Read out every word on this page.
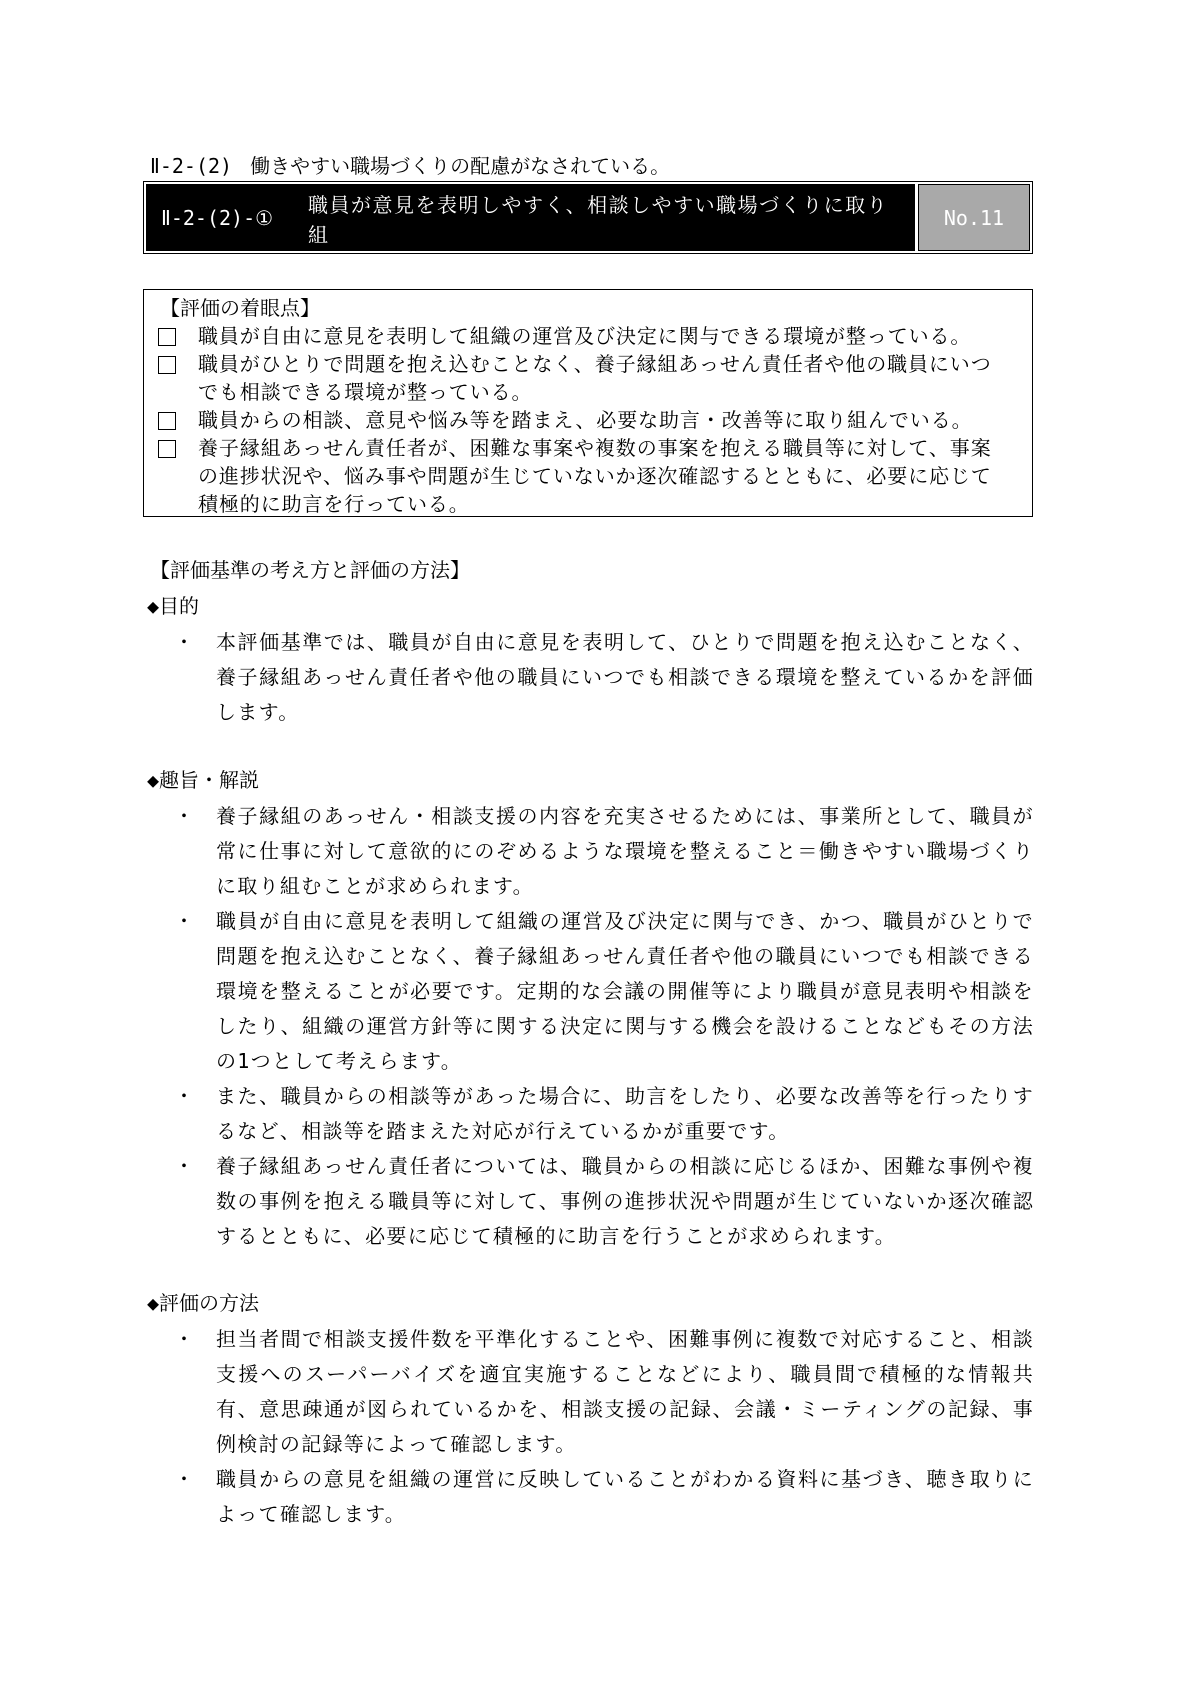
Ⅱ-2-(2) 働きやすい職場づくりの配慮がなされている。
Ⅱ-2-(2)-①
職員が意見を表明しやすく、相談しやすい職場づくりに取り組
んでいる。
No.11
【評価の着眼点】
職員が自由に意見を表明して組織の運営及び決定に関与できる環境が整っている。
職員がひとりで問題を抱え込むことなく、養子縁組あっせん責任者や他の職員にいつ
でも相談できる環境が整っている。
職員からの相談、意見や悩み等を踏まえ、必要な助言・改善等に取り組んでいる。
養子縁組あっせん責任者が、困難な事案や複数の事案を抱える職員等に対して、事案
の進捗状況や、悩み事や問題が生じていないか逐次確認するとともに、必要に応じて
積極的に助言を行っている。
【評価基準の考え方と評価の方法】
◆目的
・	本評価基準では、職員が自由に意見を表明して、ひとりで問題を抱え込むことなく、養子縁組あっせん責任者や他の職員にいつでも相談できる環境を整えているかを評価します。
◆趣旨・解説
・	養子縁組のあっせん・相談支援の内容を充実させるためには、事業所として、職員が常に仕事に対して意欲的にのぞめるような環境を整えること＝働きやすい職場づくりに取り組むことが求められます。
・	職員が自由に意見を表明して組織の運営及び決定に関与でき、かつ、職員がひとりで問題を抱え込むことなく、養子縁組あっせん責任者や他の職員にいつでも相談できる環境を整えることが必要です。定期的な会議の開催等により職員が意見表明や相談をしたり、組織の運営方針等に関する決定に関与する機会を設けることなどもその方法の1つとして考えらます。
・	また、職員からの相談等があった場合に、助言をしたり、必要な改善等を行ったりするなど、相談等を踏まえた対応が行えているかが重要です。
・	養子縁組あっせん責任者については、職員からの相談に応じるほか、困難な事例や複数の事例を抱える職員等に対して、事例の進捗状況や問題が生じていないか逐次確認するとともに、必要に応じて積極的に助言を行うことが求められます。
◆評価の方法
・	担当者間で相談支援件数を平準化することや、困難事例に複数で対応すること、相談支援へのスーパーバイズを適宜実施することなどにより、職員間で積極的な情報共有、意思疎通が図られているかを、相談支援の記録、会議・ミーティングの記録、事例検討の記録等によって確認します。
・	職員からの意見を組織の運営に反映していることがわかる資料に基づき、聴き取りによって確認します。
